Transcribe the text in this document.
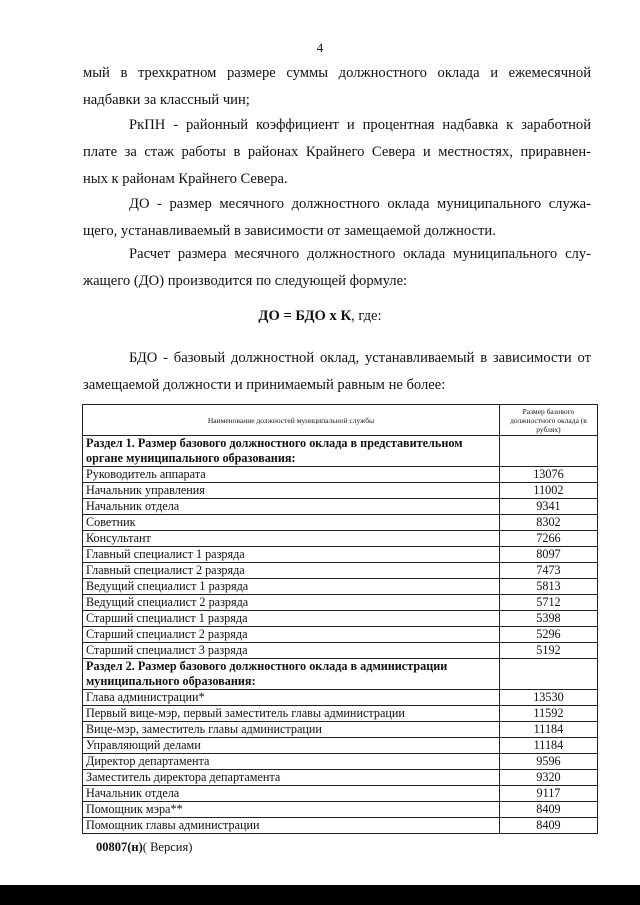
4
мый в трехкратном размере суммы должностного оклада и ежемесячной
надбавки за классный чин;
РкПН - районный коэффициент и процентная надбавка к заработной
плате за стаж работы в районах Крайнего Севера и местностях, приравнен-
ных к районам Крайнего Севера.
ДО - размер месячного должностного оклада муниципального служа-
щего, устанавливаемый в зависимости от замещаемой должности.
Расчет размера месячного должностного оклада муниципального слу-
жащего (ДО) производится по следующей формуле:
ДО = БДО х К, где:
БДО - базовый должностной оклад, устанавливаемый в зависимости от
замещаемой должности и принимаемый равным не более:
Наименование должностей муниципальной службы	Размер базового должностного оклада (в рублях)
Раздел 1. Размер базового должностного оклада в представительном органе муниципального образования:	
Руководитель аппарата	13076
Начальник управления	11002
Начальник отдела	9341
Советник	8302
Консультант	7266
Главный специалист 1 разряда	8097
Главный специалист 2 разряда	7473
Ведущий специалист 1 разряда	5813
Ведущий специалист 2 разряда	5712
Старший специалист 1 разряда	5398
Старший специалист 2 разряда	5296
Старший специалист 3 разряда	5192
Раздел 2. Размер базового должностного оклада в администрации муниципального образования:	
Глава администрации*	13530
Первый вице-мэр, первый заместитель главы администрации	11592
Вице-мэр, заместитель главы администрации	11184
Управляющий делами	11184
Директор департамента	9596
Заместитель директора департамента	9320
Начальник отдела	9117
Помощник мэра**	8409
Помощник главы администрации	8409
00807(н)( Версия)
